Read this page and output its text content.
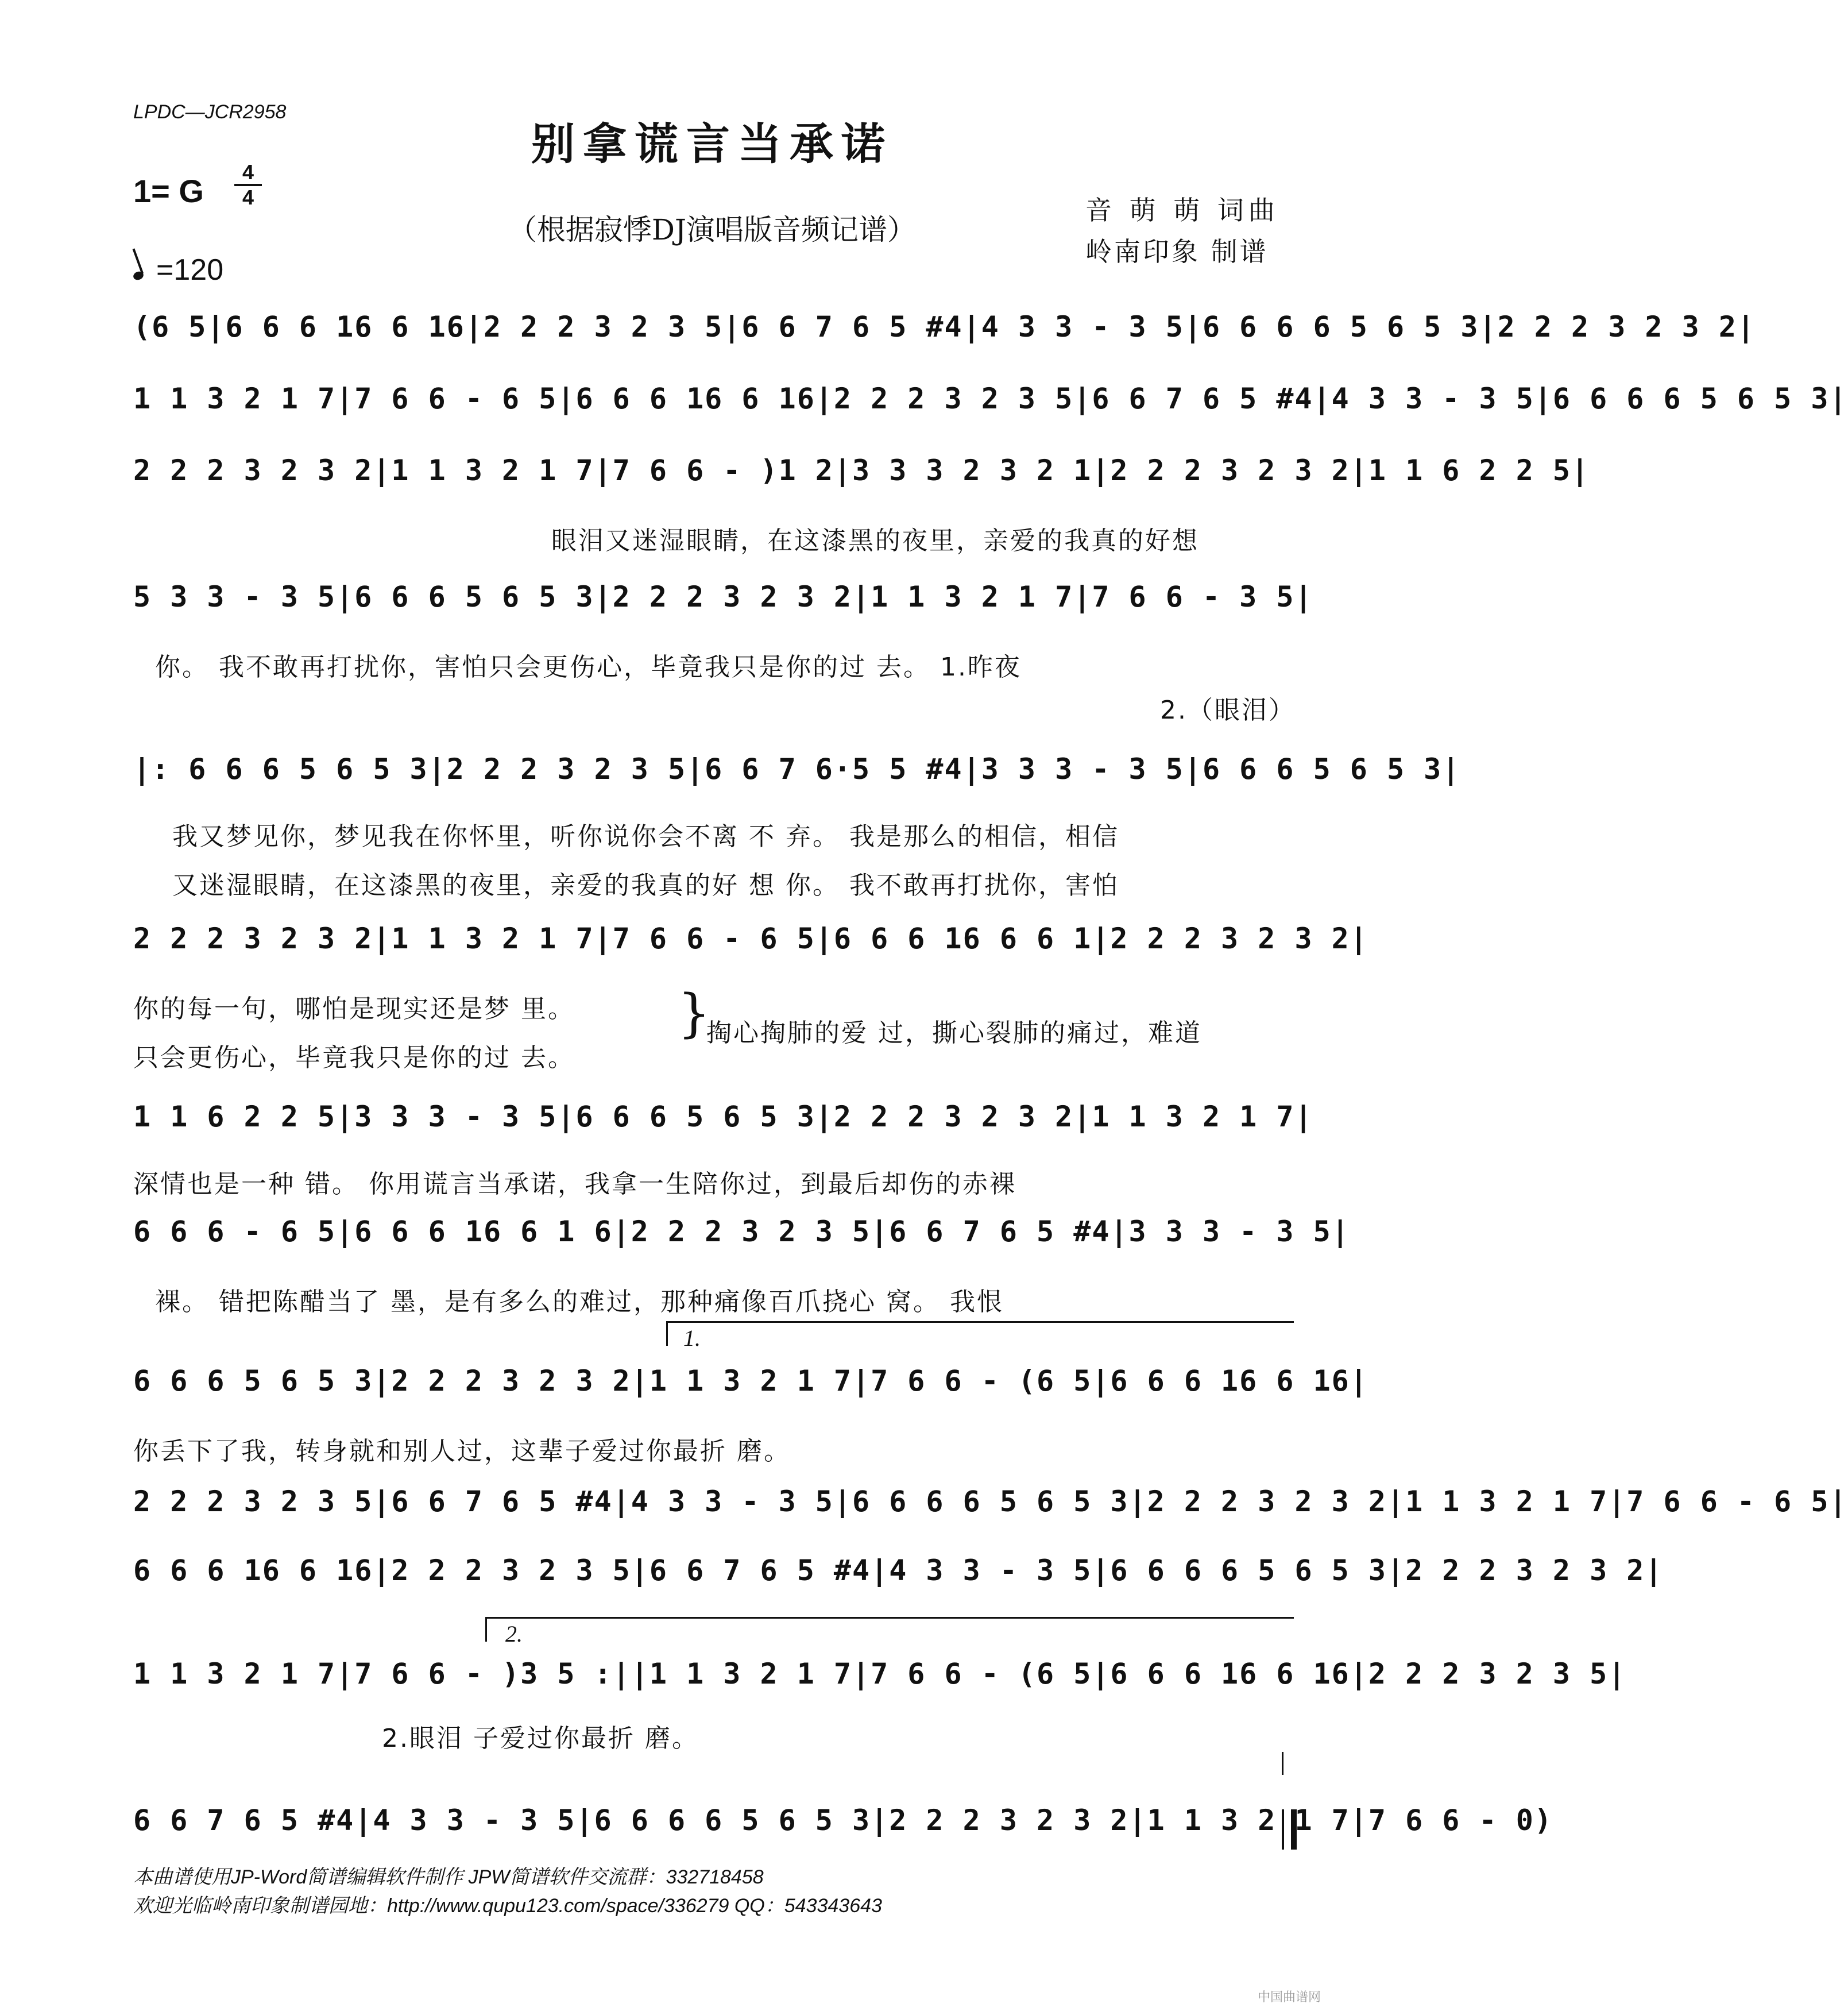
LPDC—JCR2958
别拿谎言当承诺
1= G
4
4
（根据寂悸DJ演唱版音频记谱）
音 萌 萌 词曲
岭南印象 制谱
=120
(6 5|6 6 6 16 6 16|2 2 2 3 2 3 5|6 6 7 6 5 #4|4 3 3 - 3 5|6 6 6 6 5 6 5 3|2 2 2 3 2 3 2|
1 1 3 2 1 7|7 6 6 - 6 5|6 6 6 16 6 16|2 2 2 3 2 3 5|6 6 7 6 5 #4|4 3 3 - 3 5|6 6 6 6 5 6 5 3|
2 2 2 3 2 3 2|1 1 3 2 1 7|7 6 6 - )1 2|3 3 3 2 3 2 1|2 2 2 3 2 3 2|1 1 6 2 2 5|
眼泪又迷湿眼睛，在这漆黑的夜里，亲爱的我真的好想
5 3 3 - 3 5|6 6 6 5 6 5 3|2 2 2 3 2 3 2|1 1 3 2 1 7|7 6 6 - 3 5|
你。 我不敢再打扰你，害怕只会更伤心，毕竟我只是你的过 去。 1.昨夜
2.（眼泪）
|: 6 6 6 5 6 5 3|2 2 2 3 2 3 5|6 6 7 6·5 5 #4|3 3 3 - 3 5|6 6 6 5 6 5 3|
我又梦见你，梦见我在你怀里，听你说你会不离 不 弃。 我是那么的相信，相信
又迷湿眼睛，在这漆黑的夜里，亲爱的我真的好 想 你。 我不敢再打扰你，害怕
2 2 2 3 2 3 2|1 1 3 2 1 7|7 6 6 - 6 5|6 6 6 16 6 6 1|2 2 2 3 2 3 2|
你的每一句，哪怕是现实还是梦 里。
只会更伤心，毕竟我只是你的过 去。
}
掏心掏肺的爱 过，撕心裂肺的痛过，难道
1 1 6 2 2 5|3 3 3 - 3 5|6 6 6 5 6 5 3|2 2 2 3 2 3 2|1 1 3 2 1 7|
深情也是一种 错。 你用谎言当承诺，我拿一生陪你过，到最后却伤的赤裸
6 6 6 - 6 5|6 6 6 16 6 1 6|2 2 2 3 2 3 5|6 6 7 6 5 #4|3 3 3 - 3 5|
裸。 错把陈醋当了 墨，是有多么的难过，那种痛像百爪挠心 窝。 我恨
1.
6 6 6 5 6 5 3|2 2 2 3 2 3 2|1 1 3 2 1 7|7 6 6 - (6 5|6 6 6 16 6 16|
你丢下了我，转身就和别人过，这辈子爱过你最折 磨。
2 2 2 3 2 3 5|6 6 7 6 5 #4|4 3 3 - 3 5|6 6 6 6 5 6 5 3|2 2 2 3 2 3 2|1 1 3 2 1 7|7 6 6 - 6 5|
6 6 6 16 6 16|2 2 2 3 2 3 5|6 6 7 6 5 #4|4 3 3 - 3 5|6 6 6 6 5 6 5 3|2 2 2 3 2 3 2|
2.
1 1 3 2 1 7|7 6 6 - )3 5 :||1 1 3 2 1 7|7 6 6 - (6 5|6 6 6 16 6 16|2 2 2 3 2 3 5|
2.眼泪 子爱过你最折 磨。
6 6 7 6 5 #4|4 3 3 - 3 5|6 6 6 6 5 6 5 3|2 2 2 3 2 3 2|1 1 3 2 1 7|7 6 6 - 0)
本曲谱使用JP-Word简谱编辑软件制作 JPW简谱软件交流群：332718458
欢迎光临岭南印象制谱园地：http://www.qupu123.com/space/336279 QQ：543343643
中国曲谱网
